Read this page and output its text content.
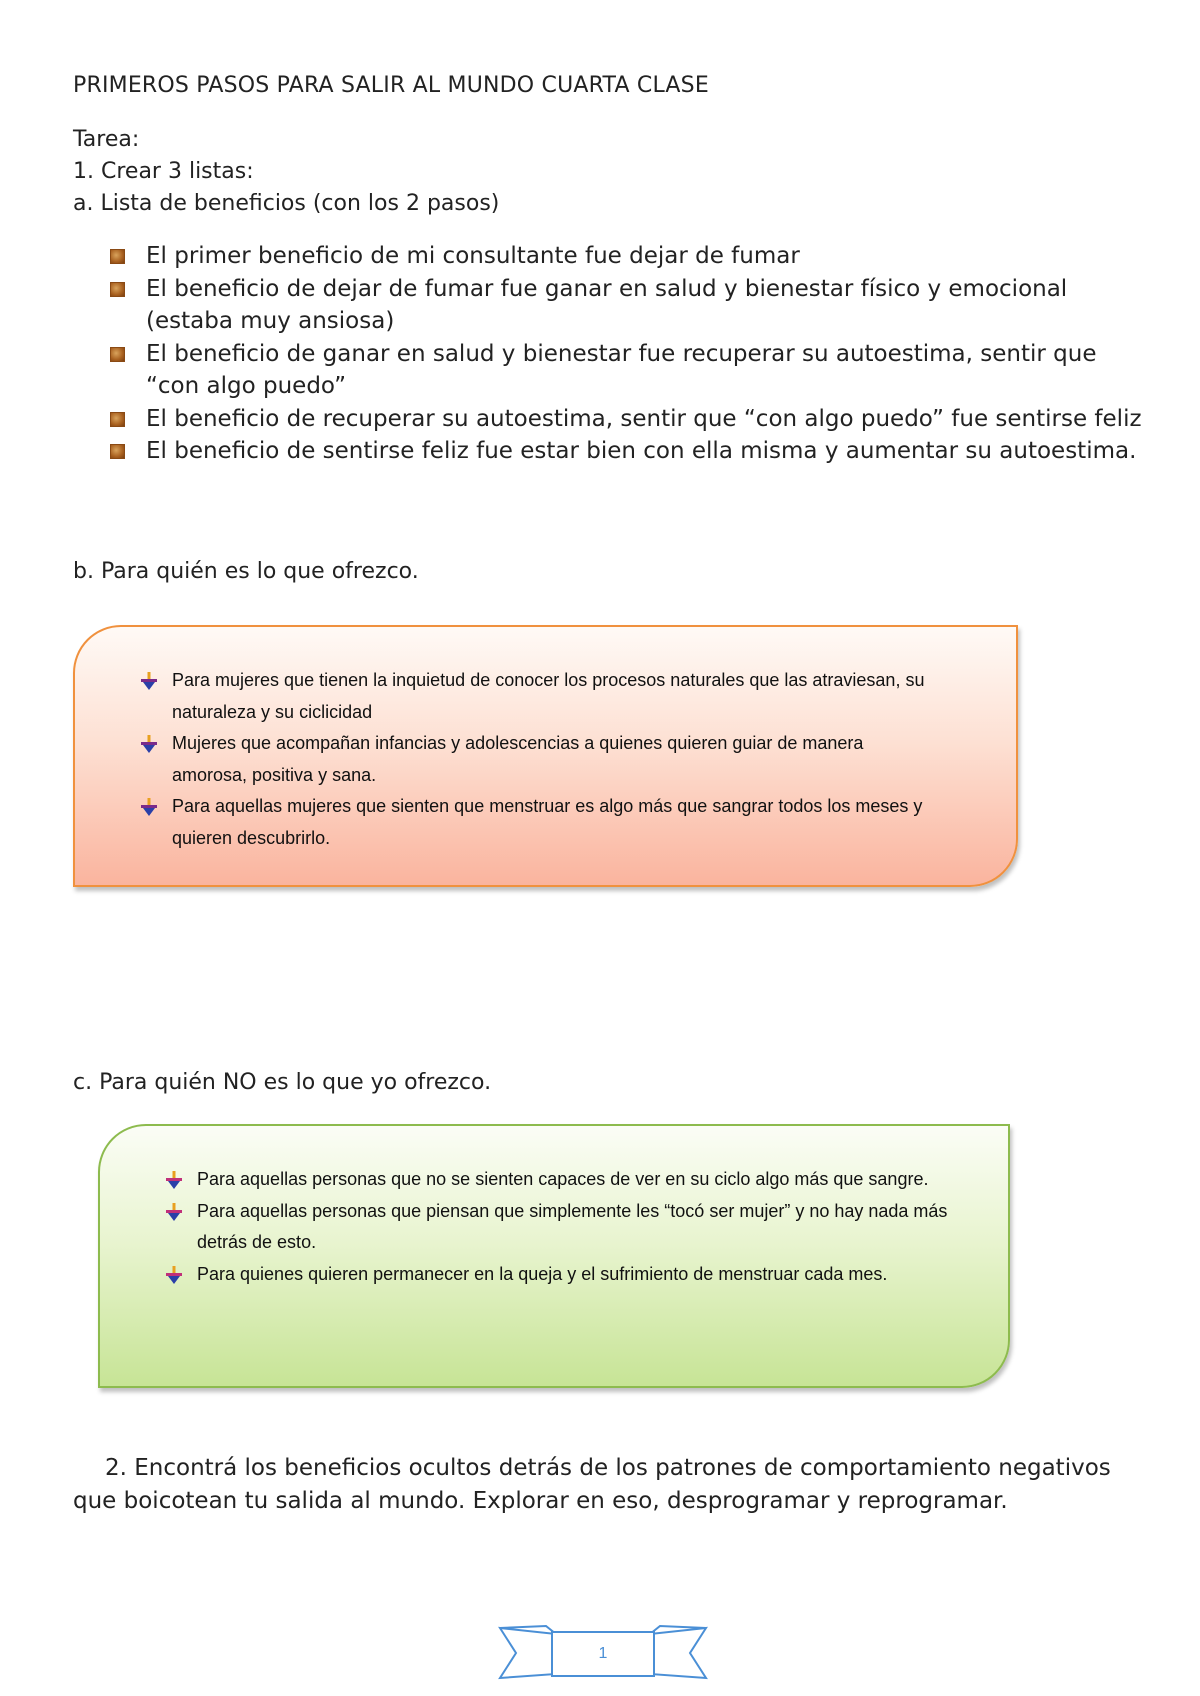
PRIMEROS PASOS PARA SALIR AL MUNDO CUARTA CLASE
Tarea:
1. Crear 3 listas:
a. Lista de beneficios (con los 2 pasos)
El primer beneficio de mi consultante fue dejar de fumar
El beneficio de dejar de fumar fue ganar en salud y bienestar físico y emocional (estaba muy ansiosa)
El beneficio de ganar en salud y bienestar fue recuperar su autoestima, sentir que “con algo puedo”
El beneficio de recuperar su autoestima, sentir que “con algo puedo” fue sentirse feliz
El beneficio de sentirse feliz fue estar bien con ella misma y aumentar su autoestima.
b. Para quién es lo que ofrezco.
Para mujeres que tienen la inquietud de conocer los procesos naturales que las atraviesan, su naturaleza y su ciclicidad
Mujeres que acompañan infancias y adolescencias a quienes quieren guiar de manera amorosa, positiva y sana.
Para aquellas mujeres que sienten que menstruar es algo más que sangrar todos los meses y quieren descubrirlo.
c. Para quién NO es lo que yo ofrezco.
Para aquellas personas que no se sienten capaces de ver en su ciclo algo más que sangre.
Para aquellas personas que piensan que simplemente les “tocó ser mujer” y no hay nada más detrás de esto.
Para quienes quieren permanecer en la queja y el sufrimiento de menstruar cada mes.
2. Encontrá los beneficios ocultos detrás de los patrones de comportamiento negativos que boicotean tu salida al mundo. Explorar en eso, desprogramar y reprogramar.
1
